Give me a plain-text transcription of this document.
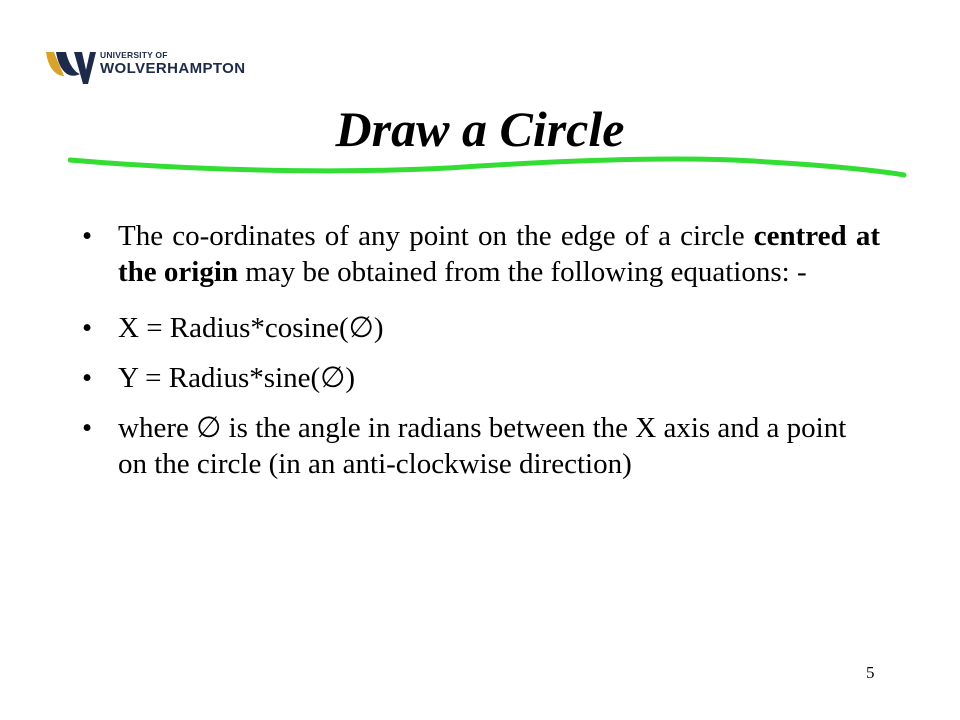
UNIVERSITY OF
WOLVERHAMPTON
Draw a Circle
• The co-ordinates of any point on the edge of a circle centred at the origin may be obtained from the following equations: -
• X = Radius*cosine(∅)
• Y = Radius*sine(∅)
• where ∅ is the angle in radians between the X axis and a point on the circle (in an anti-clockwise direction)
5
